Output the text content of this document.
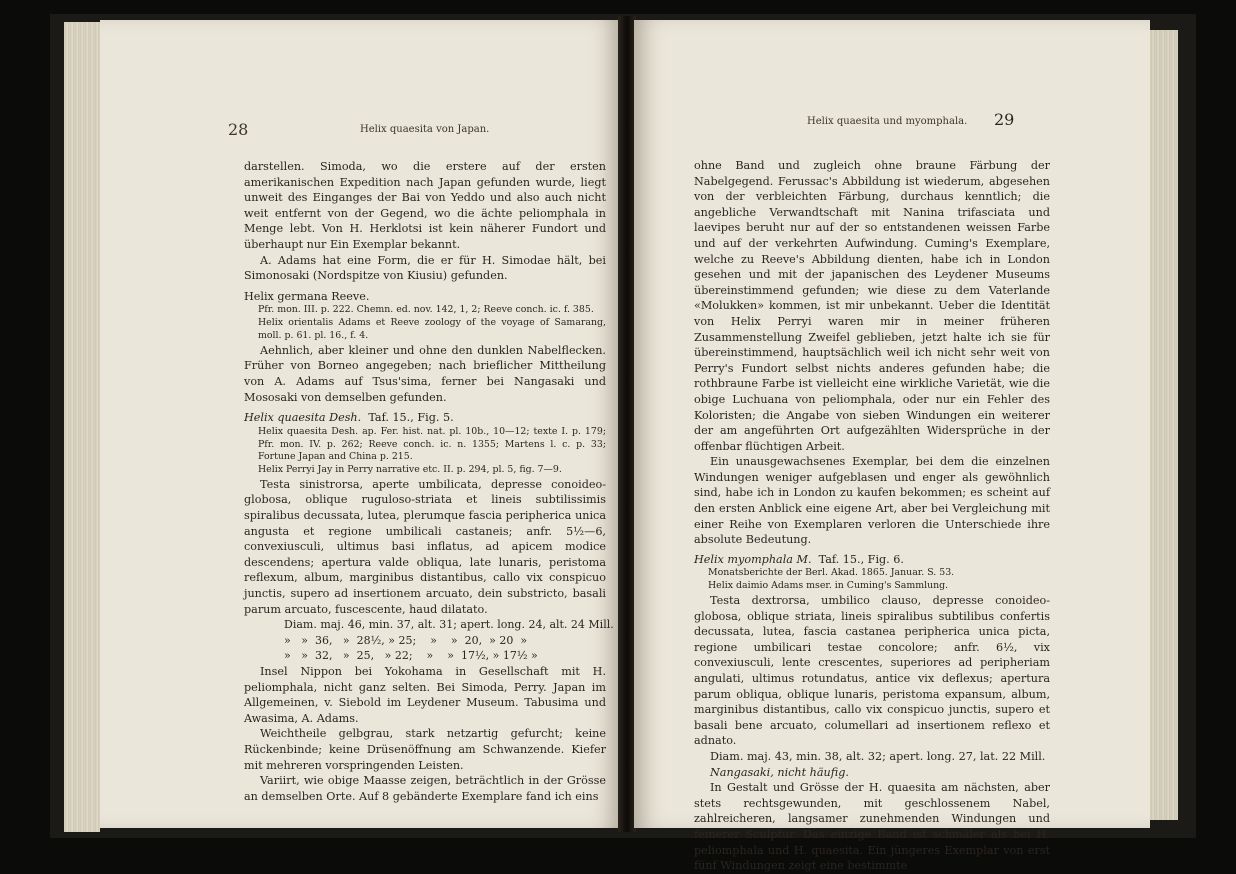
28	Helix quaesita von Japan.

darstellen. Simoda, wo die erstere auf der ersten amerikanischen Expedition nach Japan gefunden wurde, liegt unweit des Einganges der Bai von Yeddo und also auch nicht weit entfernt von der Gegend, wo die ächte peliomphala in Menge lebt. Von H. Herklotsi ist kein näherer Fundort und überhaupt nur Ein Exemplar bekannt.

A. Adams hat eine Form, die er für H. Simodae hält, bei Simonosaki (Nordspitze von Kiusiu) gefunden.

Helix germana Reeve.

Pfr. mon. III. p. 222. Chemn. ed. nov. 142, 1, 2; Reeve conch. ic. f. 385.

Helix orientalis Adams et Reeve zoology of the voyage of Samarang, moll. p. 61. pl. 16., f. 4.

Aehnlich, aber kleiner und ohne den dunklen Nabelflecken. Früher von Borneo angegeben; nach brieflicher Mittheilung von A. Adams auf Tsus'sima, ferner bei Nangasaki und Mososaki von demselben gefunden.

Helix quaesita Desh. Taf. 15., Fig. 5.

Helix quaesita Desh. ap. Fer. hist. nat. pl. 10b., 10—12; texte I. p. 179; Pfr. mon. IV. p. 262; Reeve conch. ic. n. 1355; Martens l. c. p. 33; Fortune Japan and China p. 215.

Helix Perryi Jay in Perry narrative etc. II. p. 294, pl. 5, fig. 7—9.

Testa sinistrorsa, aperte umbilicata, depresse conoideo-globosa, oblique ruguloso-striata et lineis subtilissimis spiralibus decussata, lutea, plerumque fascia peripherica unica angusta et regione umbilicali castaneis; anfr. 5½—6, convexiusculi, ultimus basi inflatus, ad apicem modice descendens; apertura valde obliqua, late lunaris, peristoma reflexum, album, marginibus distantibus, callo vix conspicuo junctis, supero ad insertionem arcuato, dein substricto, basali parum arcuato, fuscescente, haud dilatato.

Diam. maj. 46, min. 37, alt. 31; apert. long. 24, alt. 24 Mill.

»   »  36,   »  28½, » 25;    »    »  20,  » 20  »

»   »  32,   »  25,   » 22;    »    »  17½, » 17½ »

Insel Nippon bei Yokohama in Gesellschaft mit H. peliomphala, nicht ganz selten. Bei Simoda, Perry. Japan im Allgemeinen, v. Siebold im Leydener Museum. Tabusima und Awasima, A. Adams.

Weichtheile gelbgrau, stark netzartig gefurcht; keine Rückenbinde; keine Drüsenöffnung am Schwanzende. Kiefer mit mehreren vorspringenden Leisten.

Variirt, wie obige Maasse zeigen, beträchtlich in der Grösse an demselben Orte. Auf 8 gebänderte Exemplare fand ich eins

Helix quaesita und myomphala. 29

ohne Band und zugleich ohne braune Färbung der Nabelgegend. Ferussac's Abbildung ist wiederum, abgesehen von der verbleichten Färbung, durchaus kenntlich; die angebliche Verwandtschaft mit Nanina trifasciata und laevipes beruht nur auf der so entstandenen weissen Farbe und auf der verkehrten Aufwindung. Cuming's Exemplare, welche zu Reeve's Abbildung dienten, habe ich in London gesehen und mit der japanischen des Leydener Museums übereinstimmend gefunden; wie diese zu dem Vaterlande «Molukken» kommen, ist mir unbekannt. Ueber die Identität von Helix Perryi waren mir in meiner früheren Zusammenstellung Zweifel geblieben, jetzt halte ich sie für übereinstimmend, hauptsächlich weil ich nicht sehr weit von Perry's Fundort selbst nichts anderes gefunden habe; die rothbraune Farbe ist vielleicht eine wirkliche Varietät, wie die obige Luchuana von peliomphala, oder nur ein Fehler des Koloristen; die Angabe von sieben Windungen ein weiterer der am angeführten Ort aufgezählten Widersprüche in der offenbar flüchtigen Arbeit.

Ein unausgewachsenes Exemplar, bei dem die einzelnen Windungen weniger aufgeblasen und enger als gewöhnlich sind, habe ich in London zu kaufen bekommen; es scheint auf den ersten Anblick eine eigene Art, aber bei Vergleichung mit einer Reihe von Exemplaren verloren die Unterschiede ihre absolute Bedeutung.

Helix myomphala M. Taf. 15., Fig. 6.

Monatsberichte der Berl. Akad. 1865. Januar. S. 53.

Helix daimio Adams mser. in Cuming's Sammlung.

Testa dextrorsa, umbilico clauso, depresse conoideo-globosa, oblique striata, lineis spiralibus subtilibus confertis decussata, lutea, fascia castanea peripherica unica picta, regione umbilicari testae concolore; anfr. 6½, vix convexiusculi, lente crescentes, superiores ad peripheriam angulati, ultimus rotundatus, antice vix deflexus; apertura parum obliqua, oblique lunaris, peristoma expansum, album, marginibus distantibus, callo vix conspicuo junctis, supero et basali bene arcuato, columellari ad insertionem reflexo et adnato.

Diam. maj. 43, min. 38, alt. 32; apert. long. 27, lat. 22 Mill.

Nangasaki, nicht häufig.

In Gestalt und Grösse der H. quaesita am nächsten, aber stets rechtsgewunden, mit geschlossenem Nabel, zahlreicheren, langsamer zunehmenden Windungen und feinerer Sculptur. Das einzige Band ist schmäler als bei H. peliomphala und H. quaesita. Ein jüngeres Exemplar von erst fünf Windungen zeigt eine bestimmte
